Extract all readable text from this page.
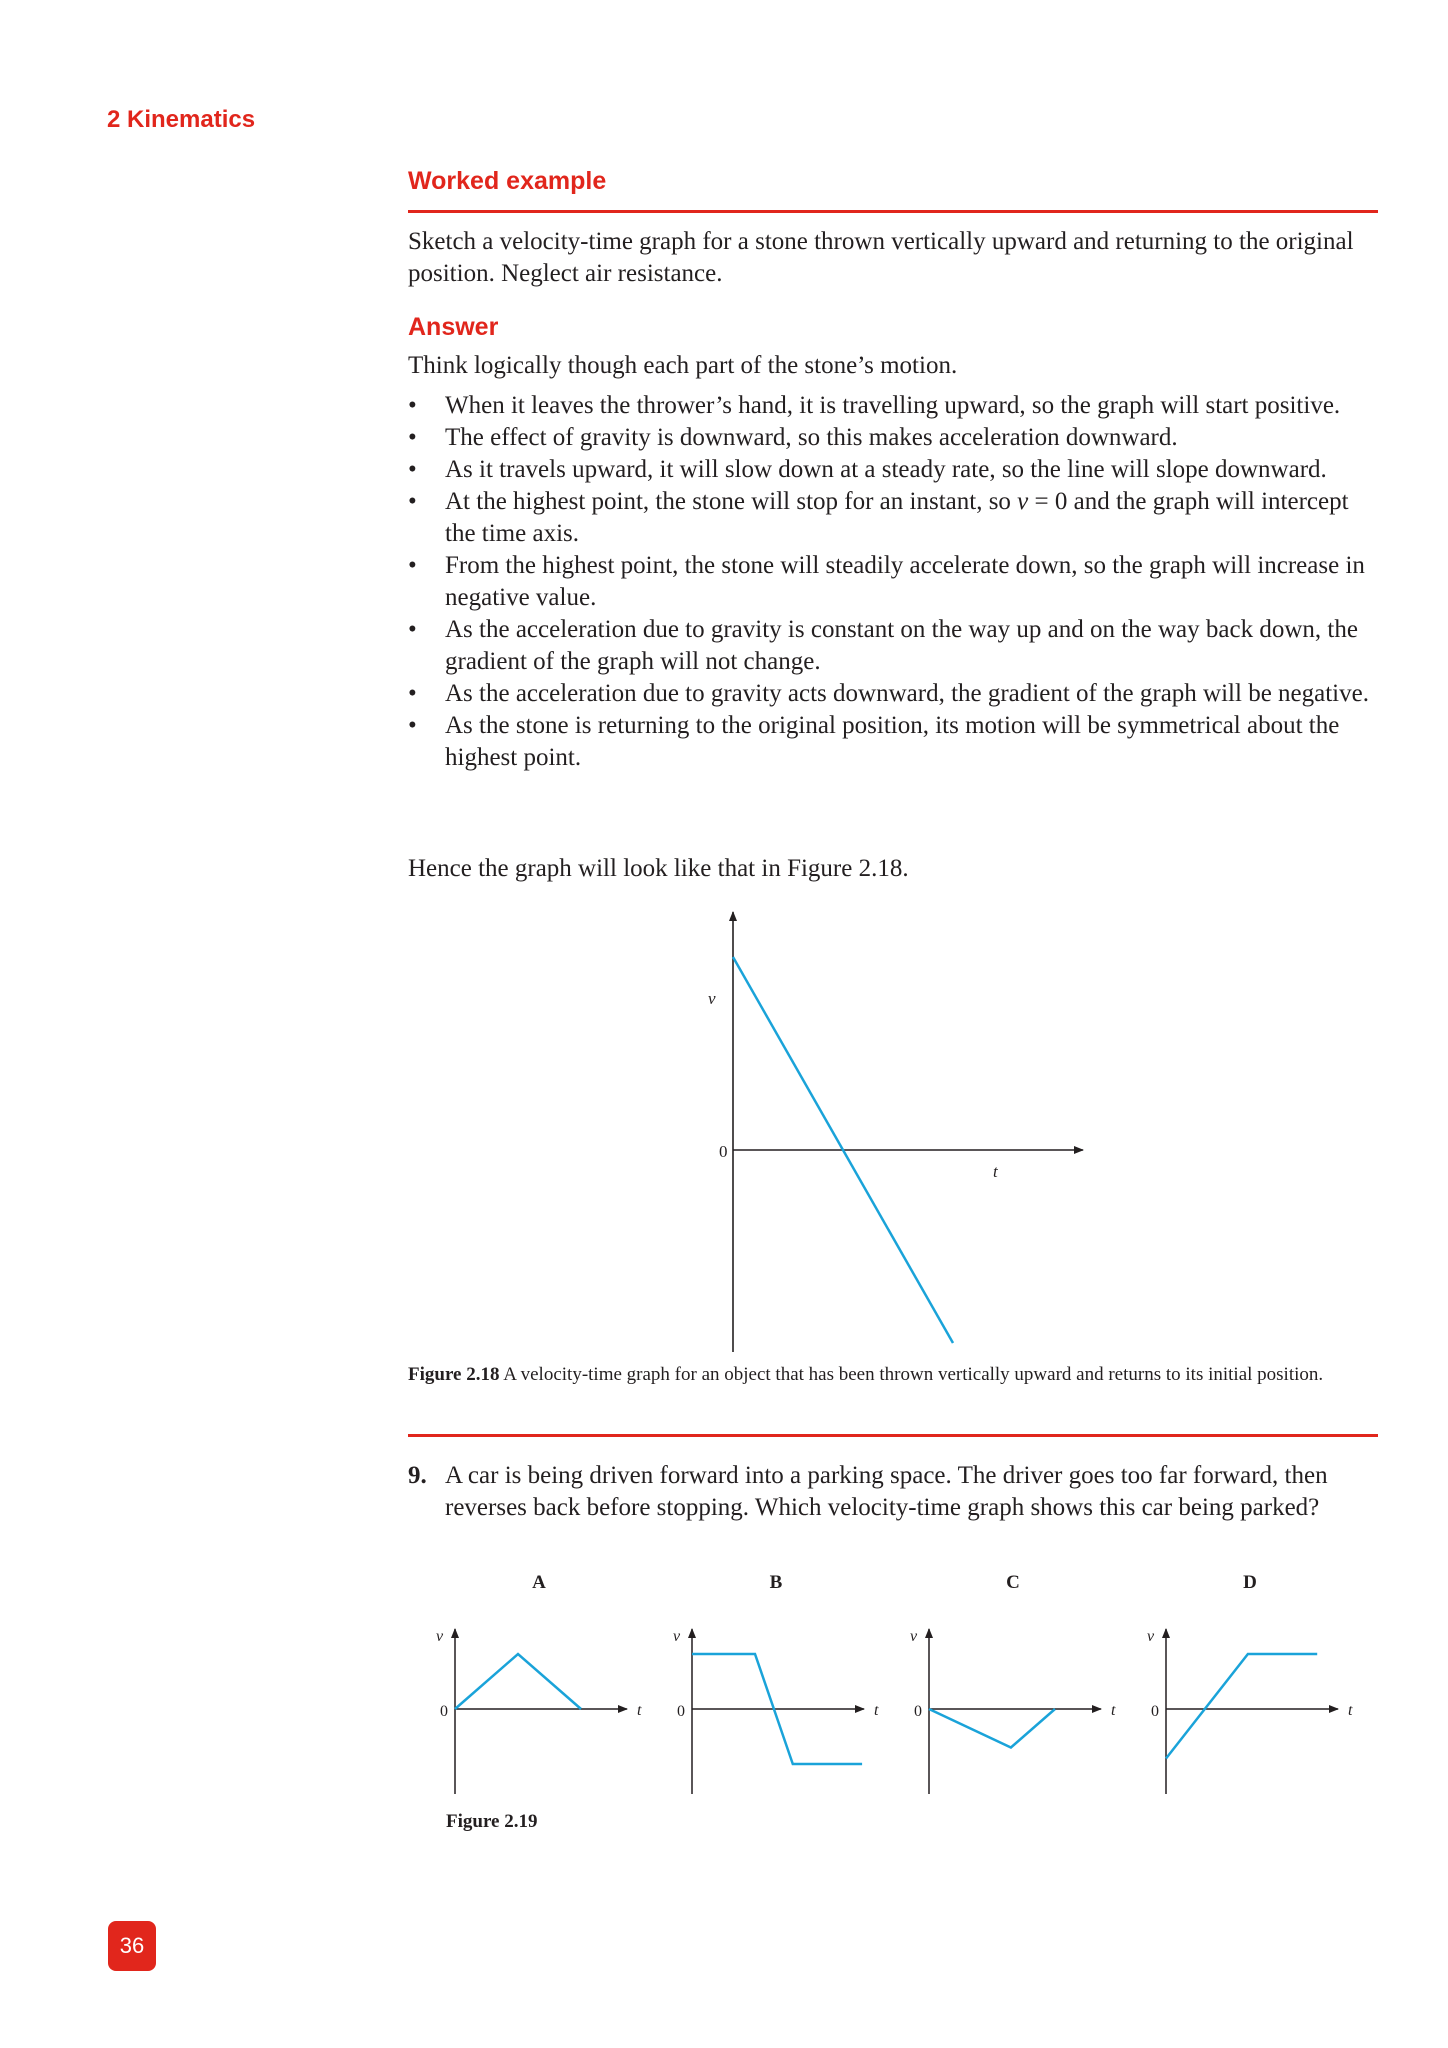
2 Kinematics
Worked example
Sketch a velocity-time graph for a stone thrown vertically upward and returning to the original position. Neglect air resistance.
Answer
Think logically though each part of the stone’s motion.
• When it leaves the thrower’s hand, it is travelling upward, so the graph will start positive.
• The effect of gravity is downward, so this makes acceleration downward.
• As it travels upward, it will slow down at a steady rate, so the line will slope downward.
• At the highest point, the stone will stop for an instant, so v = 0 and the graph will intercept the time axis.
• From the highest point, the stone will steadily accelerate down, so the graph will increase in negative value.
• As the acceleration due to gravity is constant on the way up and on the way back down, the gradient of the graph will not change.
• As the acceleration due to gravity acts downward, the gradient of the graph will be negative.
• As the stone is returning to the original position, its motion will be symmetrical about the highest point.
Hence the graph will look like that in Figure 2.18.
v
t
0
v
t
0
v
t
0
v
t
0
v
t
0
Figure 2.18 A velocity-time graph for an object that has been thrown vertically upward and returns to its initial position.
9. A car is being driven forward into a parking space. The driver goes too far forward, then reverses back before stopping. Which velocity-time graph shows this car being parked?
A	B	C	D
Figure 2.19
36
